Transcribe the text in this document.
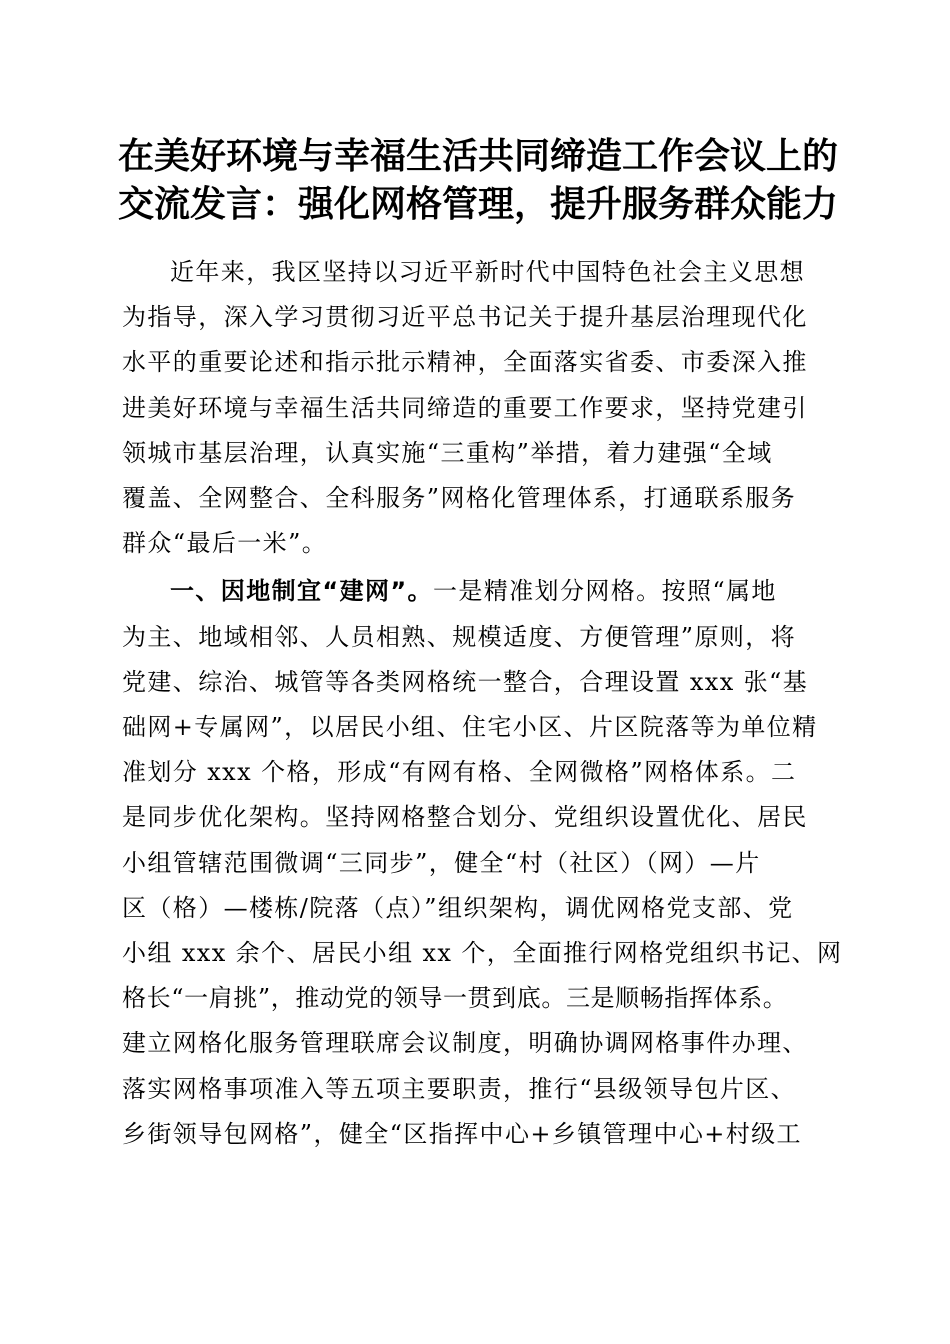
在美好环境与幸福生活共同缔造工作会议上的
交流发言：强化网格管理，提升服务群众能力
近年来，我区坚持以习近平新时代中国特色社会主义思想
为指导，深入学习贯彻习近平总书记关于提升基层治理现代化
水平的重要论述和指示批示精神，全面落实省委、市委深入推
进美好环境与幸福生活共同缔造的重要工作要求，坚持党建引
领城市基层治理，认真实施“三重构”举措，着力建强“全域
覆盖、全网整合、全科服务”网格化管理体系，打通联系服务
群众“最后一米”。
一、因地制宜“建网”。一是精准划分网格。按照“属地
为主、地域相邻、人员相熟、规模适度、方便管理”原则，将
党建、综治、城管等各类网格统一整合，合理设置 xxx 张“基
础网+专属网”，以居民小组、住宅小区、片区院落等为单位精
准划分 xxx 个格，形成“有网有格、全网微格”网格体系。二
是同步优化架构。坚持网格整合划分、党组织设置优化、居民
小组管辖范围微调“三同步”，健全“村（社区）（网）—片
区（格）—楼栋/院落（点）”组织架构，调优网格党支部、党
小组 xxx 余个、居民小组 xx 个，全面推行网格党组织书记、网
格长“一肩挑”，推动党的领导一贯到底。三是顺畅指挥体系。
建立网格化服务管理联席会议制度，明确协调网格事件办理、
落实网格事项准入等五项主要职责，推行“县级领导包片区、
乡街领导包网格”，健全“区指挥中心+乡镇管理中心+村级工
